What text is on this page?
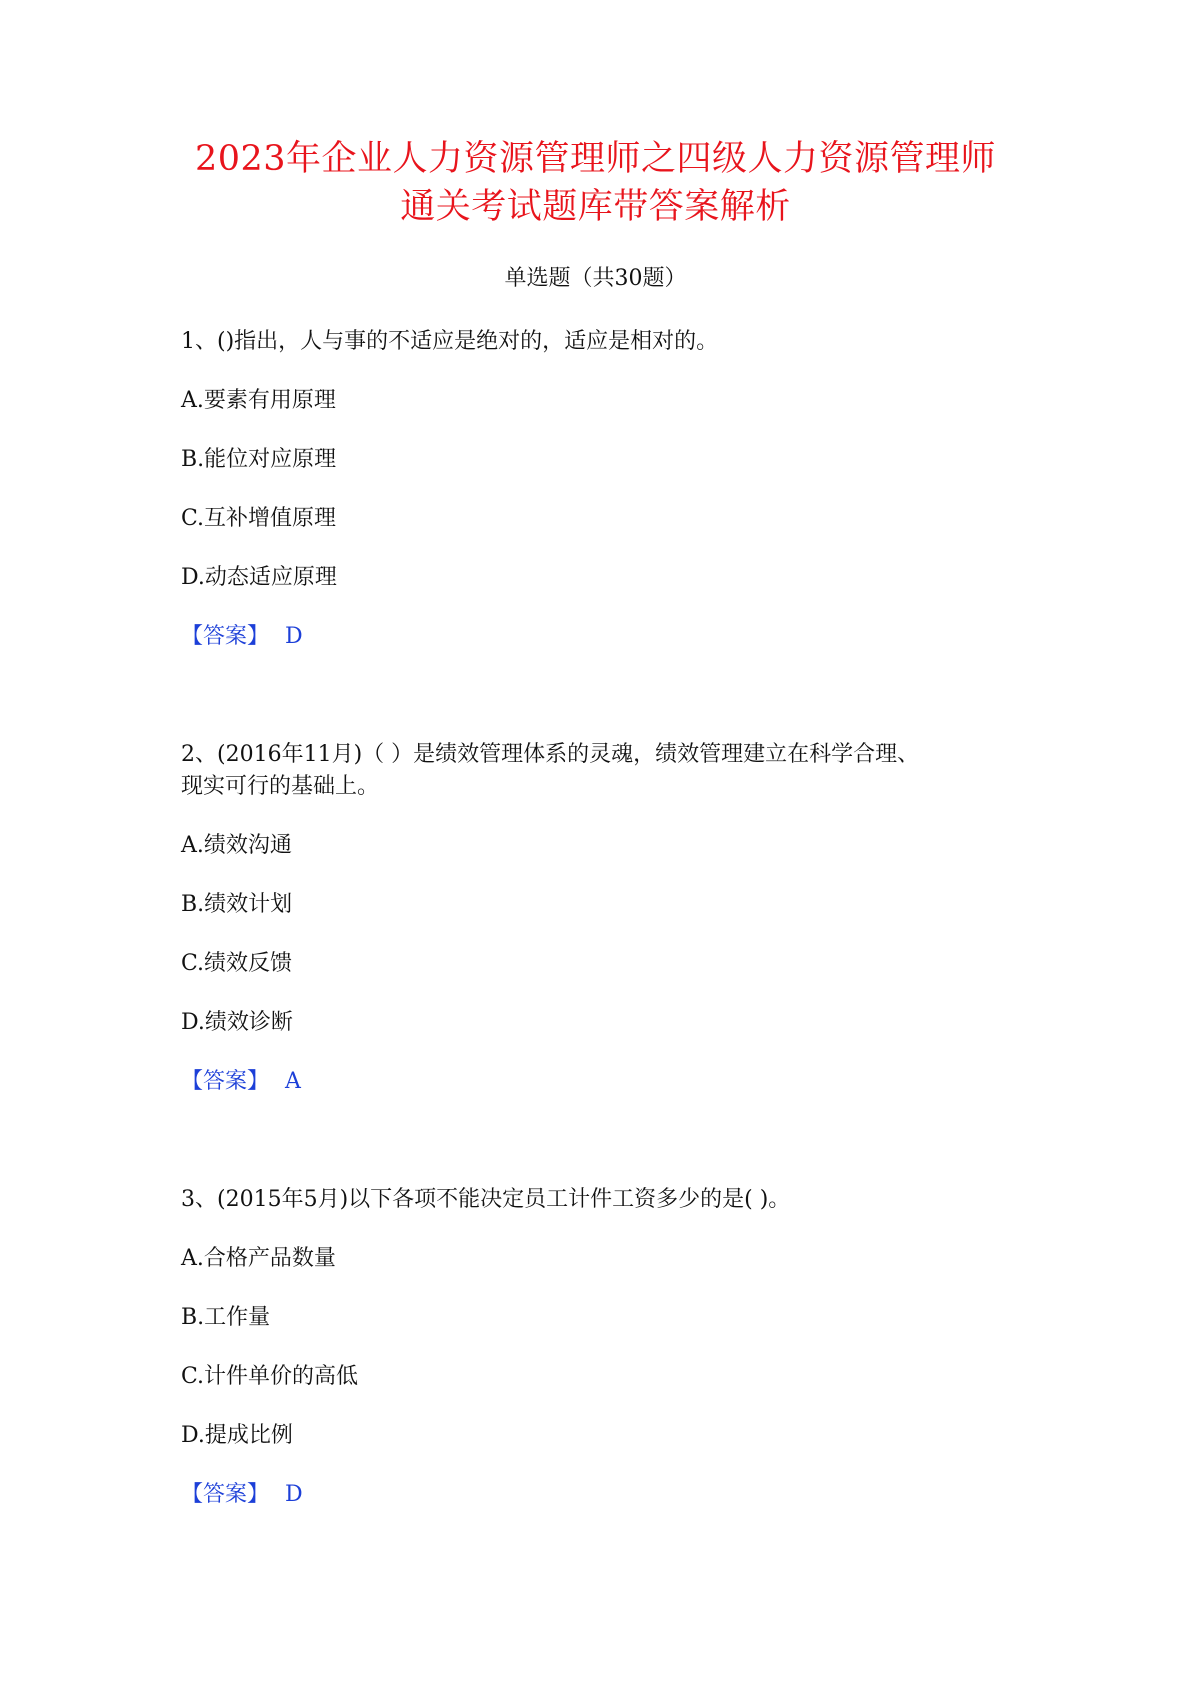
2023年企业人力资源管理师之四级人力资源管理师
通关考试题库带答案解析
单选题（共30题）
1、()指出，人与事的不适应是绝对的，适应是相对的。
A.要素有用原理
B.能位对应原理
C.互补增值原理
D.动态适应原理
【答案】 D
2、(2016年11月)（ ）是绩效管理体系的灵魂，绩效管理建立在科学合理、
现实可行的基础上。
A.绩效沟通
B.绩效计划
C.绩效反馈
D.绩效诊断
【答案】 A
3、(2015年5月)以下各项不能决定员工计件工资多少的是( )。
A.合格产品数量
B.工作量
C.计件单价的高低
D.提成比例
【答案】 D
